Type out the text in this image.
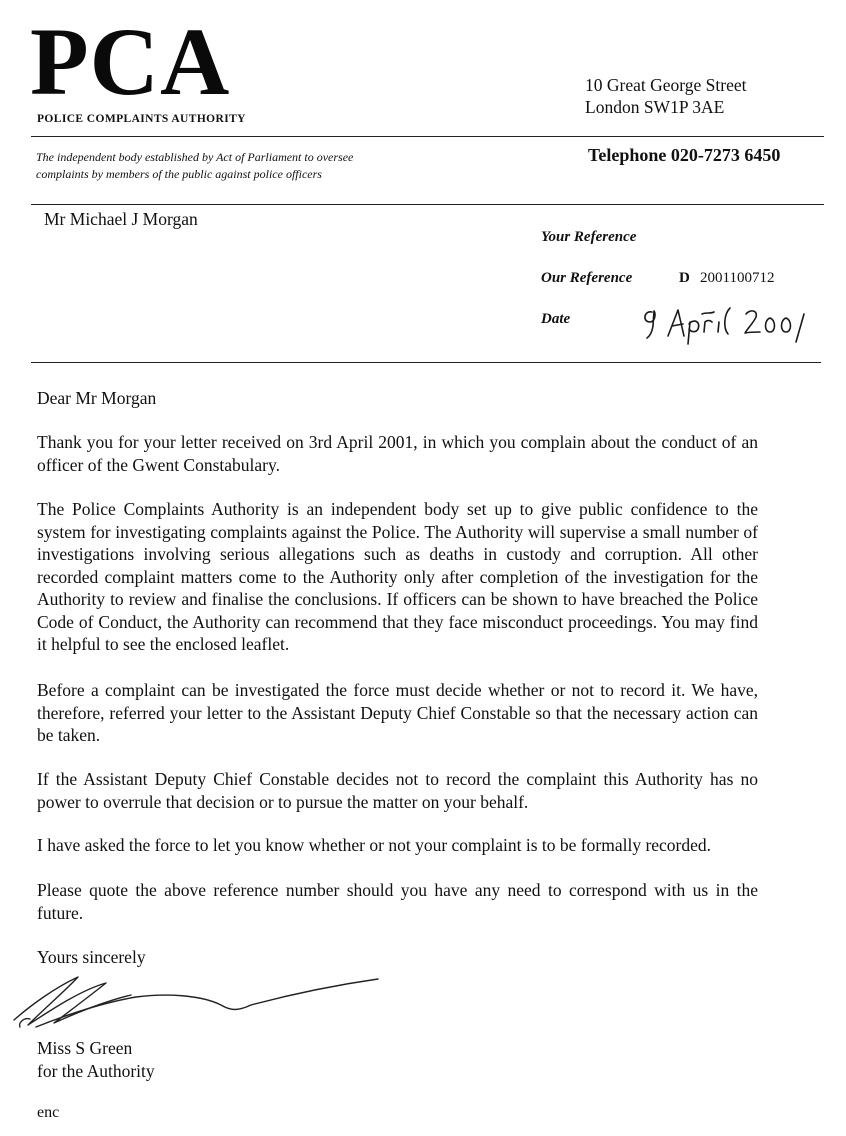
PCA
POLICE COMPLAINTS AUTHORITY
10 Great George Street
London SW1P 3AE
The independent body established by Act of Parliament to oversee
complaints by members of the public against police officers
Telephone 020-7273 6450
Mr Michael J Morgan
Your Reference
Our Reference	D 2001100712
Date
Dear Mr Morgan
Thank you for your letter received on 3rd April 2001, in which you complain about the conduct of an officer of the Gwent Constabulary.
The Police Complaints Authority is an independent body set up to give public confidence to the system for investigating complaints against the Police. The Authority will supervise a small number of investigations involving serious allegations such as deaths in custody and corruption. All other recorded complaint matters come to the Authority only after completion of the investigation for the Authority to review and finalise the conclusions. If officers can be shown to have breached the Police Code of Conduct, the Authority can recommend that they face misconduct proceedings. You may find it helpful to see the enclosed leaflet.
Before a complaint can be investigated the force must decide whether or not to record it. We have, therefore, referred your letter to the Assistant Deputy Chief Constable so that the necessary action can be taken.
If the Assistant Deputy Chief Constable decides not to record the complaint this Authority has no power to overrule that decision or to pursue the matter on your behalf.
I have asked the force to let you know whether or not your complaint is to be formally recorded.
Please quote the above reference number should you have any need to correspond with us in the future.
Yours sincerely
Miss S Green
for the Authority
enc
